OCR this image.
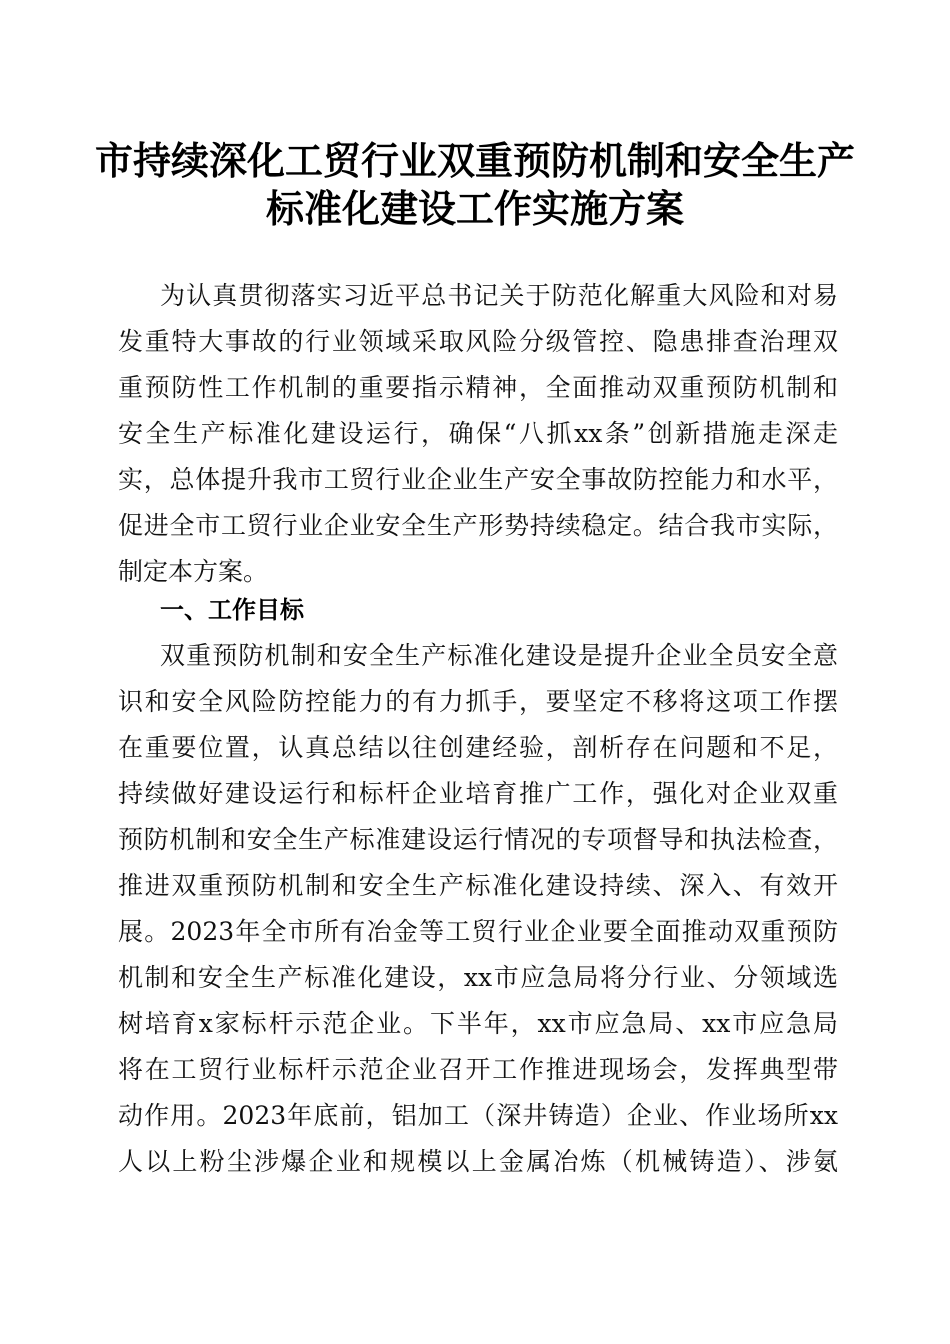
市持续深化工贸行业双重预防机制和安全生产
标准化建设工作实施方案
为认真贯彻落实习近平总书记关于防范化解重大风险和对易
发重特大事故的行业领域采取风险分级管控、隐患排查治理双
重预防性工作机制的重要指示精神，全面推动双重预防机制和
安全生产标准化建设运行，确保“八抓xx条”创新措施走深走
实，总体提升我市工贸行业企业生产安全事故防控能力和水平，
促进全市工贸行业企业安全生产形势持续稳定。结合我市实际，
制定本方案。
一、工作目标
双重预防机制和安全生产标准化建设是提升企业全员安全意
识和安全风险防控能力的有力抓手，要坚定不移将这项工作摆
在重要位置，认真总结以往创建经验，剖析存在问题和不足，
持续做好建设运行和标杆企业培育推广工作，强化对企业双重
预防机制和安全生产标准建设运行情况的专项督导和执法检查，
推进双重预防机制和安全生产标准化建设持续、深入、有效开
展。2023年全市所有冶金等工贸行业企业要全面推动双重预防
机制和安全生产标准化建设，xx市应急局将分行业、分领域选
树培育x家标杆示范企业。下半年，xx市应急局、xx市应急局
将在工贸行业标杆示范企业召开工作推进现场会，发挥典型带
动作用。2023年底前，铝加工（深井铸造）企业、作业场所xx
人以上粉尘涉爆企业和规模以上金属冶炼（机械铸造）、涉氨
